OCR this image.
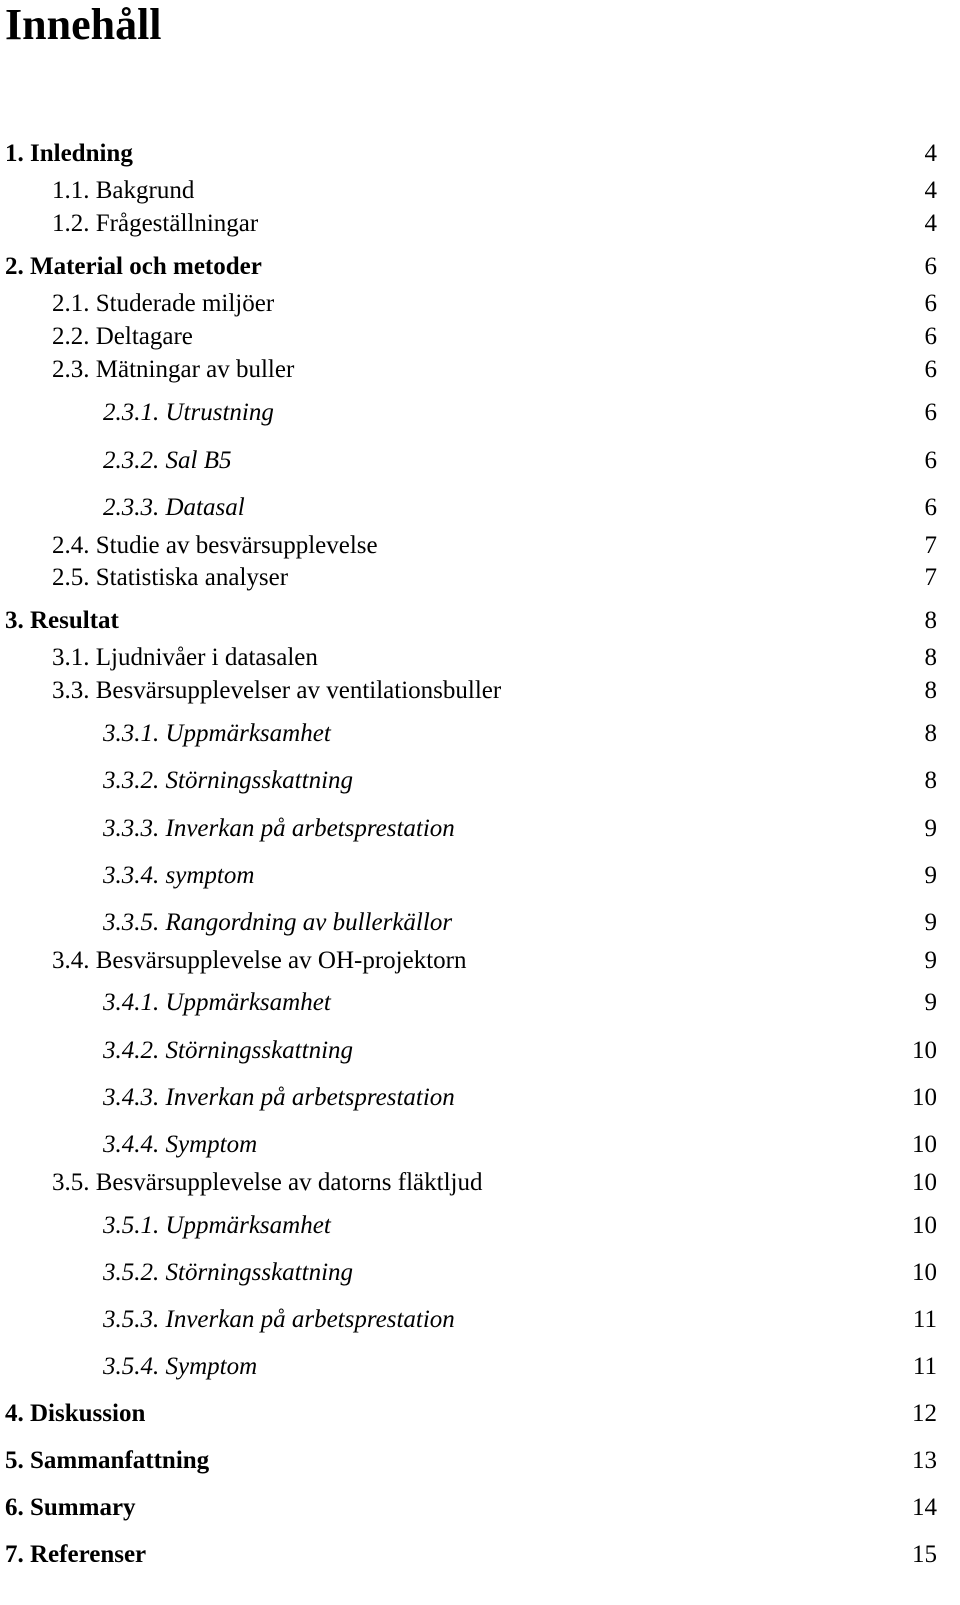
Innehåll
1. Inledning	4
1.1. Bakgrund	4
1.2. Frågeställningar	4
2. Material och metoder	6
2.1. Studerade miljöer	6
2.2. Deltagare	6
2.3. Mätningar av buller	6
2.3.1. Utrustning	6
2.3.2. Sal B5	6
2.3.3. Datasal	6
2.4. Studie av besvärsupplevelse	7
2.5. Statistiska analyser	7
3. Resultat	8
3.1. Ljudnivåer i datasalen	8
3.3. Besvärsupplevelser av ventilationsbuller	8
3.3.1. Uppmärksamhet	8
3.3.2. Störningsskattning	8
3.3.3. Inverkan på arbetsprestation	9
3.3.4. symptom	9
3.3.5. Rangordning av bullerkällor	9
3.4. Besvärsupplevelse av OH-projektorn	9
3.4.1. Uppmärksamhet	9
3.4.2. Störningsskattning	10
3.4.3. Inverkan på arbetsprestation	10
3.4.4. Symptom	10
3.5. Besvärsupplevelse av datorns fläktljud	10
3.5.1. Uppmärksamhet	10
3.5.2. Störningsskattning	10
3.5.3. Inverkan på arbetsprestation	11
3.5.4. Symptom	11
4. Diskussion	12
5. Sammanfattning	13
6. Summary	14
7. Referenser	15
